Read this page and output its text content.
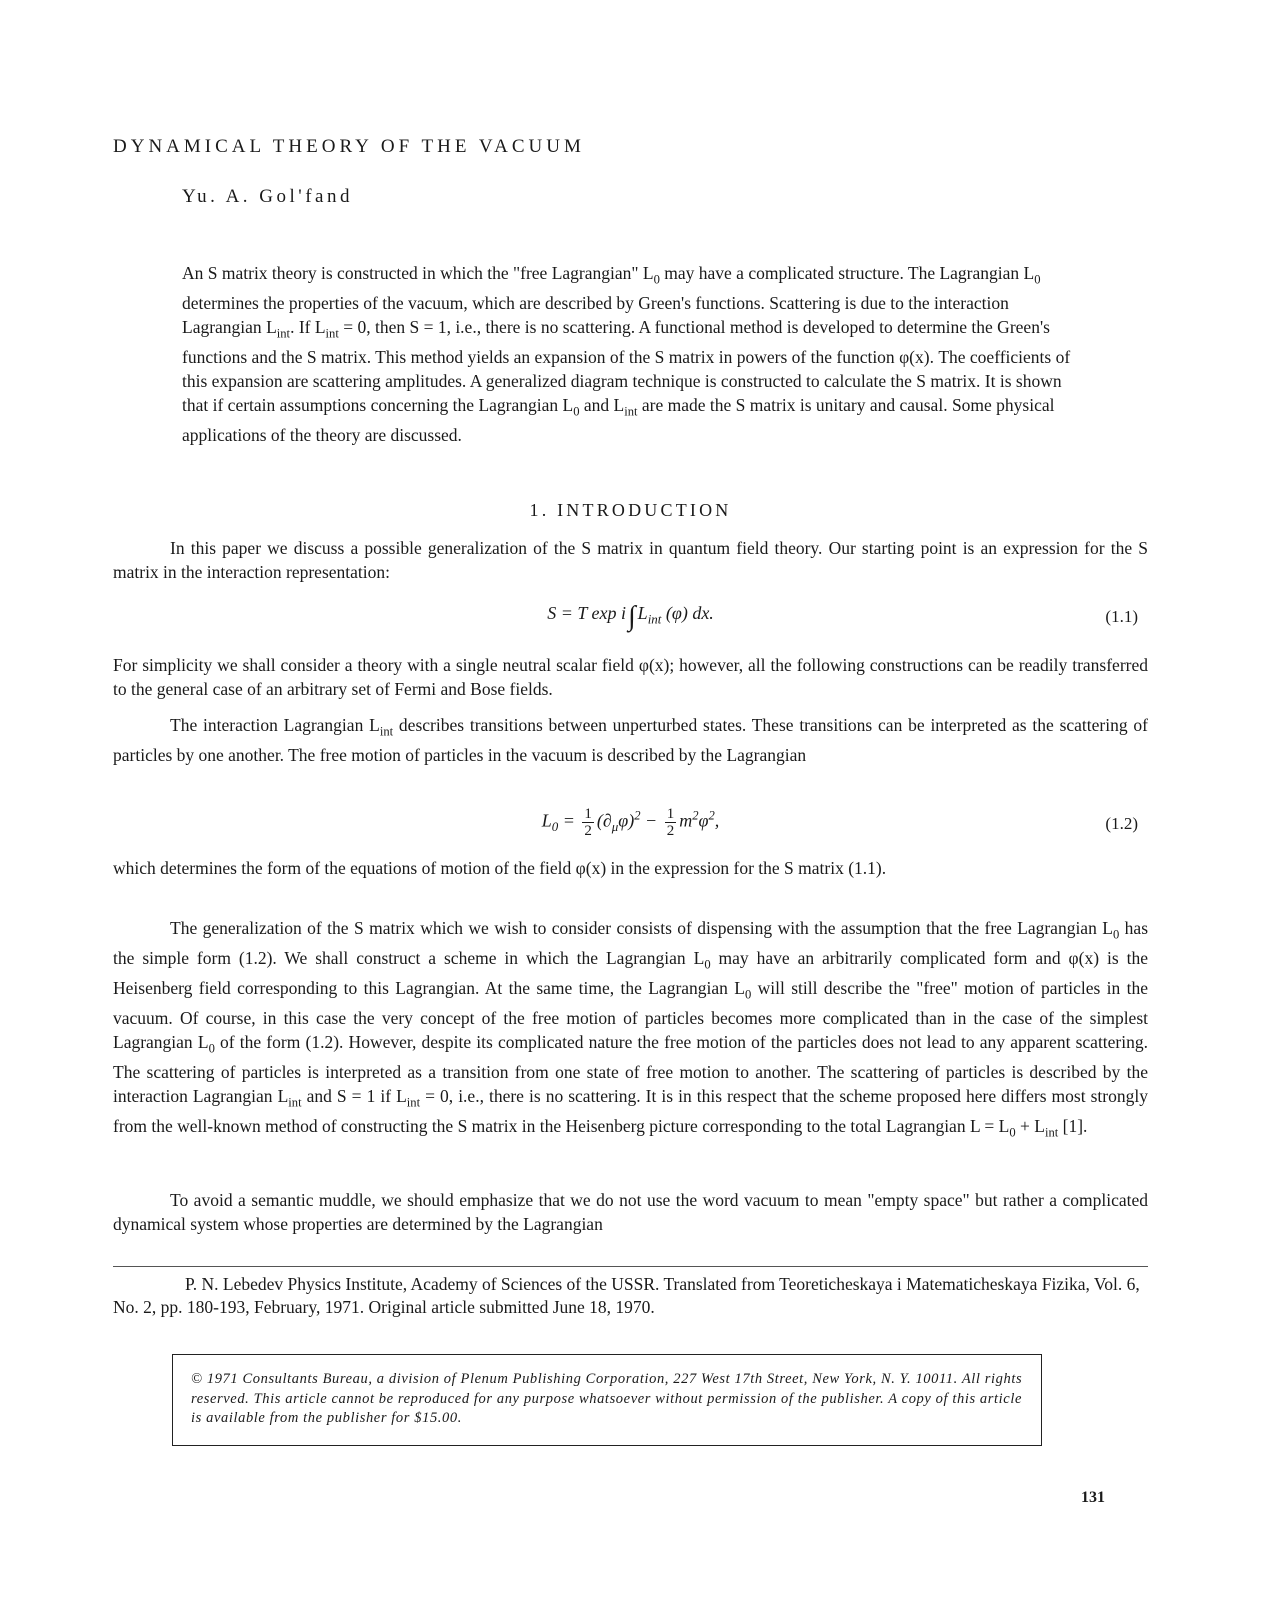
DYNAMICAL THEORY OF THE VACUUM
Yu. A. Gol'fand

An S matrix theory is constructed in which the "free Lagrangian" $L_0$ may have a complicated structure. The Lagrangian $L_0$ determines the properties of the vacuum, which are described by Green's functions. Scattering is due to the interaction Lagrangian $L_{int}$. If $L_{int} = 0$, then S = 1, i.e., there is no scattering. A functional method is developed to determine the Green's functions and the S matrix. This method yields an expansion of the S matrix in powers of the function φ(x). The coefficients of this expansion are scattering amplitudes. A generalized diagram technique is constructed to calculate the S matrix. It is shown that if certain assumptions concerning the Lagrangian $L_0$ and $L_{int}$ are made the S matrix is unitary and causal. Some physical applications of the theory are discussed.

1. INTRODUCTION

In this paper we discuss a possible generalization of the S matrix in quantum field theory. Our starting point is an expression for the S matrix in the interaction representation:

S = T exp i∫ $L_{int}$ (φ) dx.	(1.1)

For simplicity we shall consider a theory with a single neutral scalar field φ(x); however, all the following constructions can be readily transferred to the general case of an arbitrary set of Fermi and Bose fields.

The interaction Lagrangian $L_{int}$ describes transitions between unperturbed states. These transitions can be interpreted as the scattering of particles by one another. The free motion of particles in the vacuum is described by the Lagrangian

$L_0 = \frac{1}{2} (\partial_\mu\varphi)^2 - \frac{1}{2} m^2\varphi^2$,	(1.2)

which determines the form of the equations of motion of the field φ(x) in the expression for the S matrix (1.1).

The generalization of the S matrix which we wish to consider consists of dispensing with the assumption that the free Lagrangian $L_0$ has the simple form (1.2). We shall construct a scheme in which the Lagrangian $L_0$ may have an arbitrarily complicated form and φ(x) is the Heisenberg field corresponding to this Lagrangian. At the same time, the Lagrangian $L_0$ will still describe the "free" motion of particles in the vacuum. Of course, in this case the very concept of the free motion of particles becomes more complicated than in the case of the simplest Lagrangian $L_0$ of the form (1.2). However, despite its complicated nature the free motion of the particles does not lead to any apparent scattering. The scattering of particles is interpreted as a transition from one state of free motion to another. The scattering of particles is described by the interaction Lagrangian $L_{int}$ and S = 1 if $L_{int} = 0$, i.e., there is no scattering. It is in this respect that the scheme proposed here differs most strongly from the well-known method of constructing the S matrix in the Heisenberg picture corresponding to the total Lagrangian $L = L_0 + L_{int}$ [1].

To avoid a semantic muddle, we should emphasize that we do not use the word vacuum to mean "empty space" but rather a complicated dynamical system whose properties are determined by the Lagrangian

P. N. Lebedev Physics Institute, Academy of Sciences of the USSR. Translated from Teoreticheskaya i Matematicheskaya Fizika, Vol. 6, No. 2, pp. 180-193, February, 1971. Original article submitted June 18, 1970.

© 1971 Consultants Bureau, a division of Plenum Publishing Corporation, 227 West 17th Street, New York, N. Y. 10011. All rights reserved. This article cannot be reproduced for any purpose whatsoever without permission of the publisher. A copy of this article is available from the publisher for $15.00.

131
